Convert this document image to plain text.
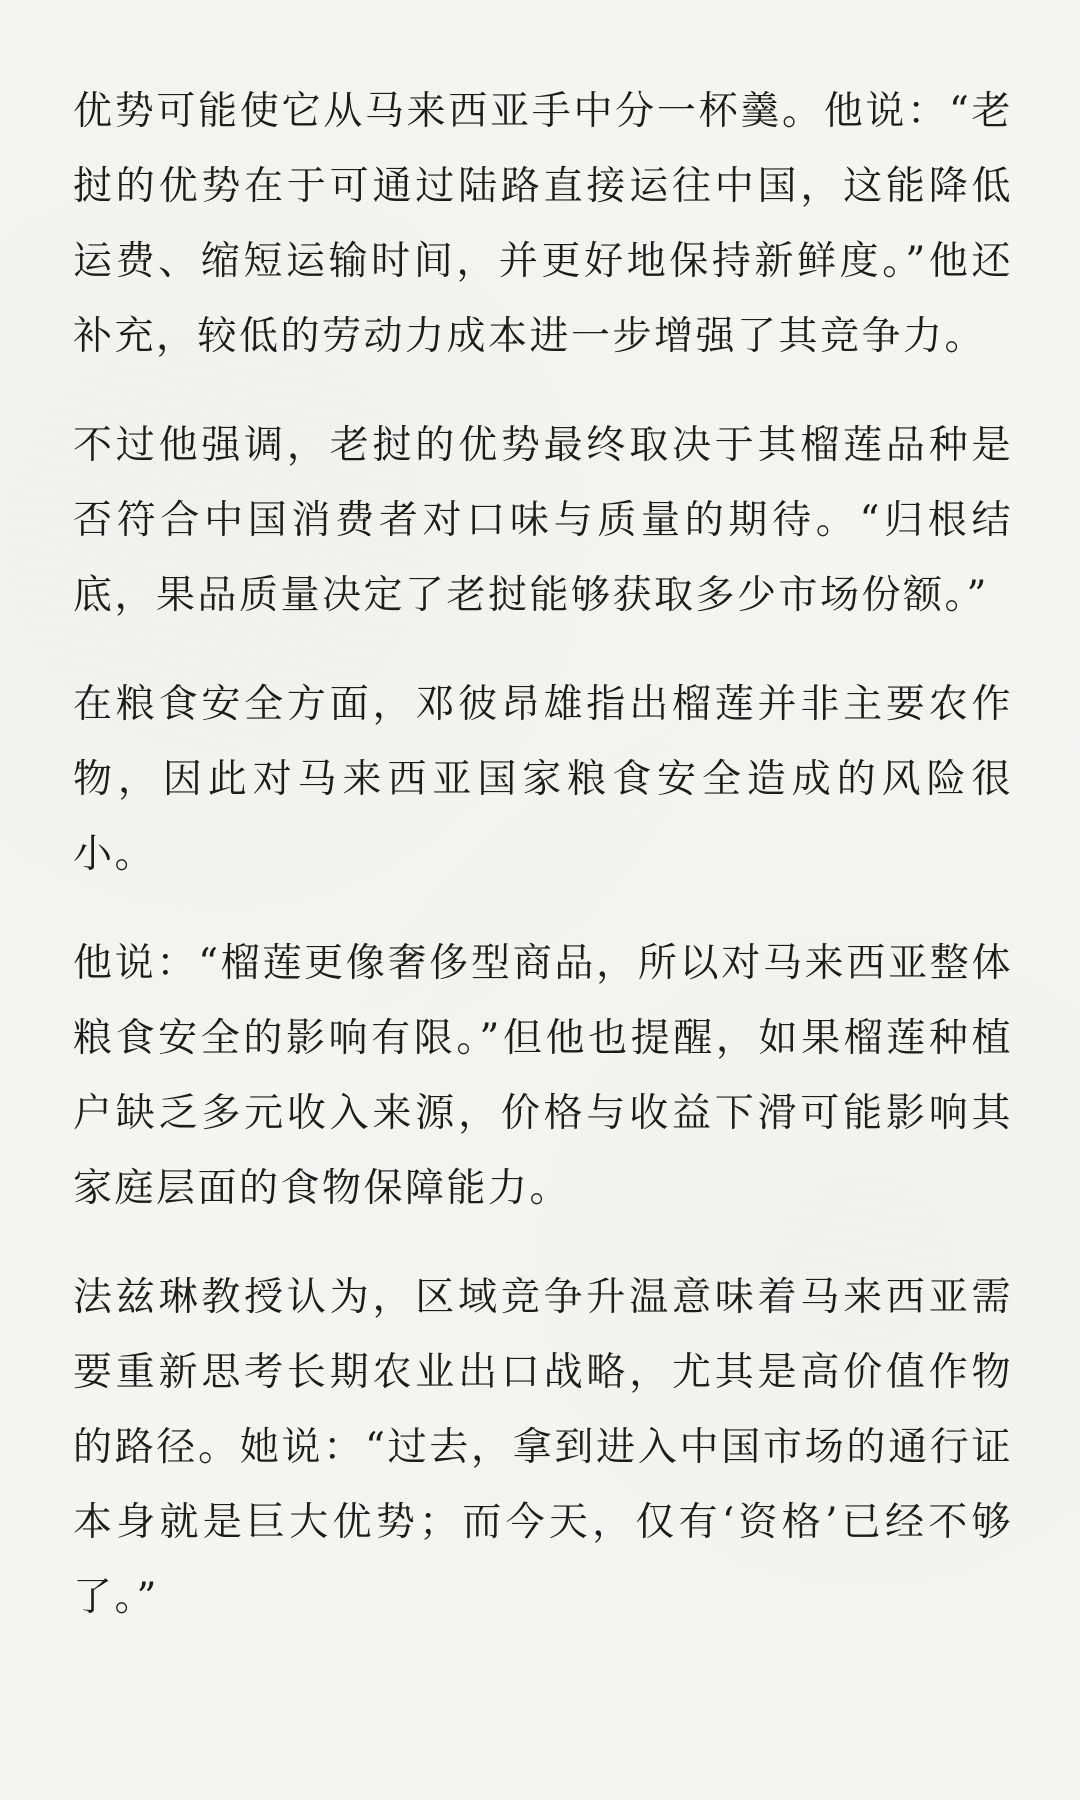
优势可能使它从马来西亚手中分一杯羹。他说：“老挝的优势在于可通过陆路直接运往中国，这能降低运费、缩短运输时间，并更好地保持新鲜度。”他还补充，较低的劳动力成本进一步增强了其竞争力。

不过他强调，老挝的优势最终取决于其榴莲品种是否符合中国消费者对口味与质量的期待。“归根结底，果品质量决定了老挝能够获取多少市场份额。”

在粮食安全方面，邓彼昂雄指出榴莲并非主要农作物，因此对马来西亚国家粮食安全造成的风险很小。

他说：“榴莲更像奢侈型商品，所以对马来西亚整体粮食安全的影响有限。”但他也提醒，如果榴莲种植户缺乏多元收入来源，价格与收益下滑可能影响其家庭层面的食物保障能力。

法兹琳教授认为，区域竞争升温意味着马来西亚需要重新思考长期农业出口战略，尤其是高价值作物的路径。她说：“过去，拿到进入中国市场的通行证本身就是巨大优势；而今天，仅有‘资格’已经不够了。”
